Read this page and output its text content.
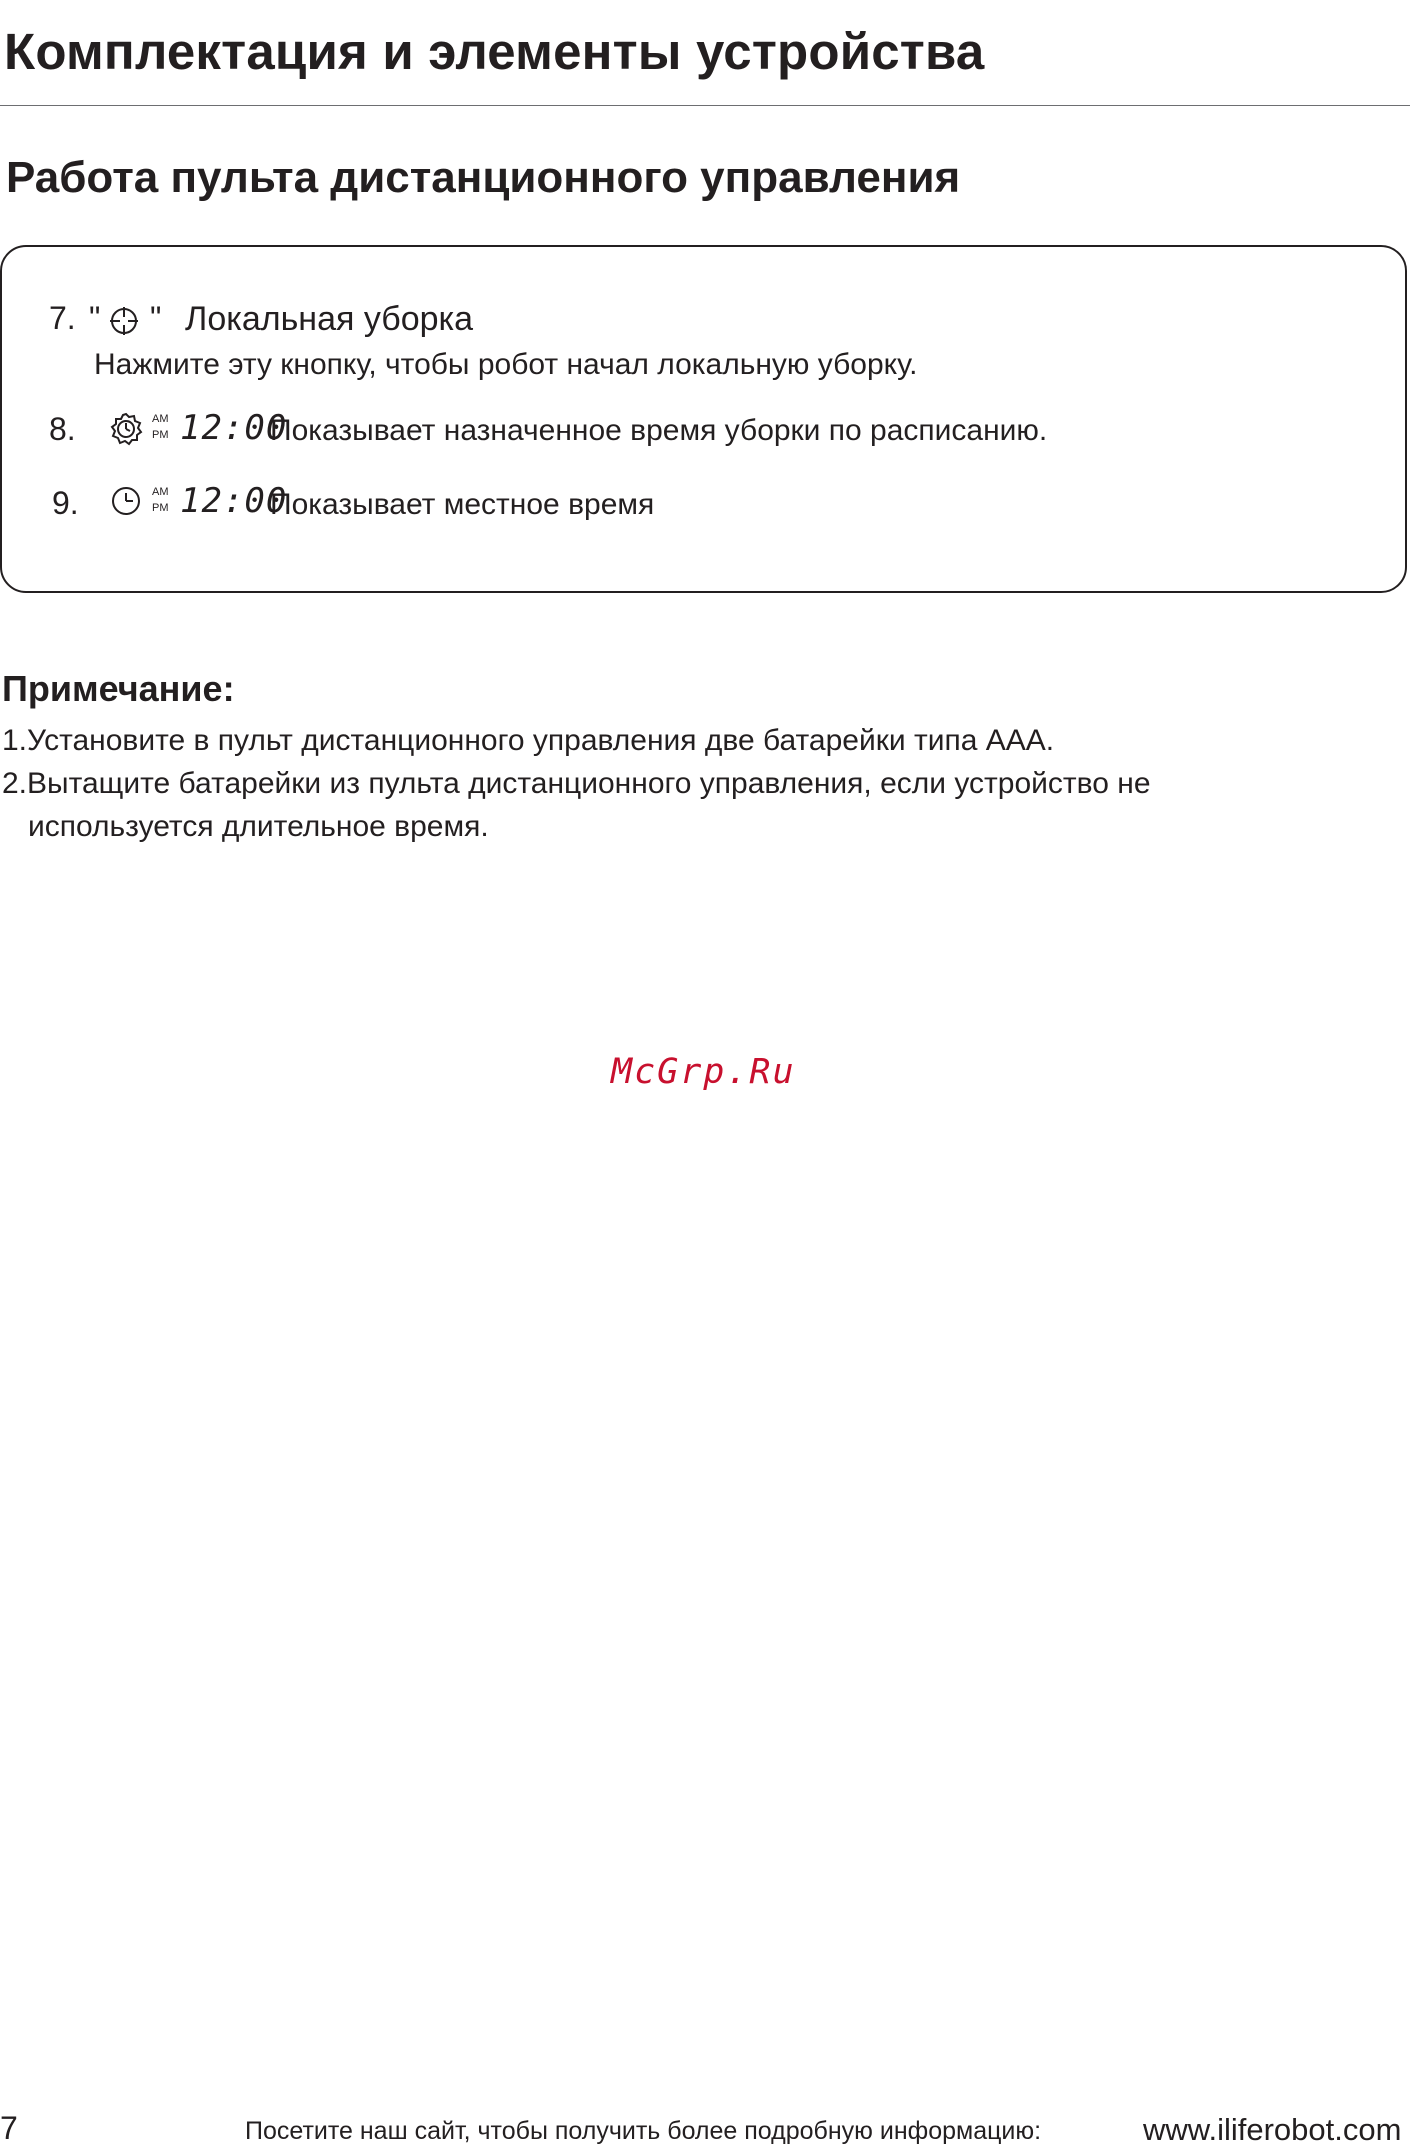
Комплектация и элементы устройства
Работа пульта дистанционного управления
7. " " Локальная уборка
Нажмите эту кнопку, чтобы робот начал локальную уборку.
8.	AM
PM 12:00
Показывает назначенное время уборки по расписанию.
9.	AM
PM 12:00
Показывает местное время
Примечание:
1.Установите в пульт дистанционного управления две батарейки типа AAA.
2.Вытащите батарейки из пульта дистанционного управления, если устройство не
используется длительное время.
McGrp.Ru
7	Посетите наш сайт, чтобы получить более подробную информацию:	www.iliferobot.com
